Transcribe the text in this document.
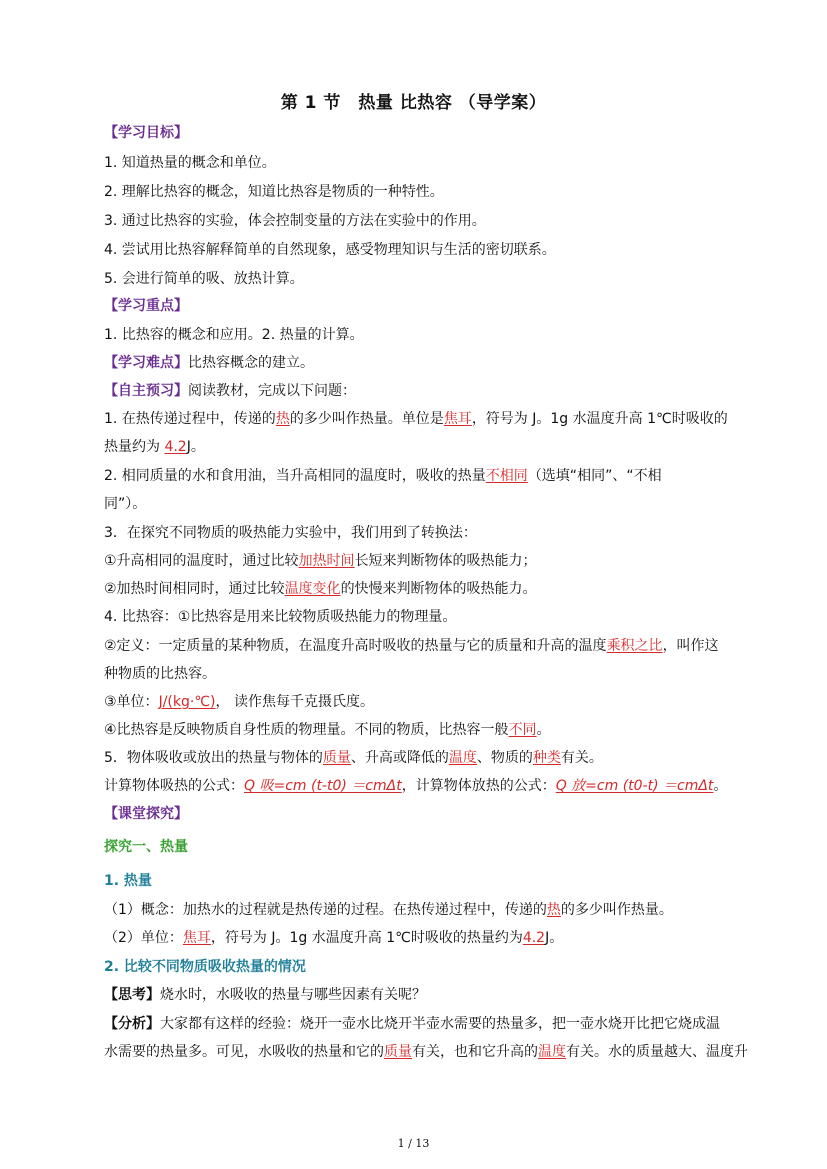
第 1 节　热量 比热容 （导学案）
【学习目标】
1. 知道热量的概念和单位。
2. 理解比热容的概念，知道比热容是物质的一种特性。
3. 通过比热容的实验，体会控制变量的方法在实验中的作用。
4. 尝试用比热容解释简单的自然现象，感受物理知识与生活的密切联系。
5. 会进行简单的吸、放热计算。
【学习重点】
1. 比热容的概念和应用。2. 热量的计算。
【学习难点】比热容概念的建立。
【自主预习】阅读教材，完成以下问题：
1. 在热传递过程中，传递的热的多少叫作热量。单位是焦耳，符号为 J。1g 水温度升高 1℃时吸收的
热量约为 4.2J。
2. 相同质量的水和食用油，当升高相同的温度时，吸收的热量不相同（选填“相同”、“不相
同”）。
3．在探究不同物质的吸热能力实验中，我们用到了转换法：
①升高相同的温度时，通过比较加热时间长短来判断物体的吸热能力；
②加热时间相同时，通过比较温度变化的快慢来判断物体的吸热能力。
4. 比热容：①比热容是用来比较物质吸热能力的物理量。
②定义：一定质量的某种物质，在温度升高时吸收的热量与它的质量和升高的温度乘积之比，叫作这
种物质的比热容。
③单位：J/(kg·℃)， 读作焦每千克摄氏度。
④比热容是反映物质自身性质的物理量。不同的物质，比热容一般不同。
5．物体吸收或放出的热量与物体的质量、升高或降低的温度、物质的种类有关。
计算物体吸热的公式：Q 吸=cm (t-t0) ＝cmΔt，计算物体放热的公式：Q 放=cm (t0-t) ＝cmΔt。
【课堂探究】
探究一、热量
1. 热量
（1）概念：加热水的过程就是热传递的过程。在热传递过程中，传递的热的多少叫作热量。
（2）单位：焦耳，符号为 J。1g 水温度升高 1℃时吸收的热量约为4.2J。
2. 比较不同物质吸收热量的情况
【思考】烧水时，水吸收的热量与哪些因素有关呢？
【分析】大家都有这样的经验：烧开一壶水比烧开半壶水需要的热量多，把一壶水烧开比把它烧成温
水需要的热量多。可见，水吸收的热量和它的质量有关，也和它升高的温度有关。水的质量越大、温度升
1 / 13
